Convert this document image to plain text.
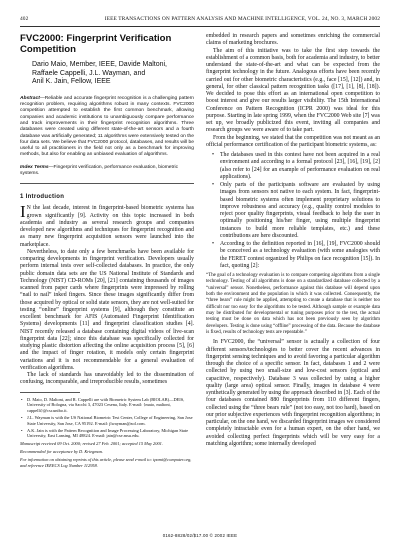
402	IEEE TRANSACTIONS ON PATTERN ANALYSIS AND MACHINE INTELLIGENCE, VOL. 24, NO. 3, MARCH 2002
FVC2000: Fingerprint Verification Competition
Dario Maio, Member, IEEE, Davide Maltoni,
Raffaele Cappelli, J.L. Wayman, and
Anil K. Jain, Fellow, IEEE

Abstract—Reliable and accurate fingerprint recognition is a challenging pattern recognition problem, requiring algorithms robust in many contexts. FVC2000 competition attempted to establish the first common benchmark, allowing companies and academic institutions to unambiguously compare performance and track improvements in their fingerprint recognition algorithms. Three databases were created using different state-of-the-art sensors and a fourth database was artificially generated; 11 algorithms were extensively tested on the four data sets. We believe that FVC2000 protocol, databases, and results will be useful to all practitioners in the field not only as a benchmark for improving methods, but also for enabling an unbiased evaluation of algorithms.

Index Terms—Fingerprint verification, performance evaluation, biometric systems.

1 Introduction

I N the last decade, interest in fingerprint-based biometric systems has grown significantly [9]. Activity on this topic increased in both academia and industry as several research groups and companies developed new algorithms and techniques for fingerprint recognition and as many new fingerprint acquisition sensors were launched into the marketplace.

Nevertheless, to date only a few benchmarks have been available for comparing developments in fingerprint verification. Developers usually perform internal tests over self-collected databases. In practice, the only public domain data sets are the US National Institute of Standards and Technology (NIST) CD-ROMs [20], [21] containing thousands of images scanned from paper cards where fingerprints were impressed by rolling “nail to nail” inked fingers. Since these images significantly differ from those acquired by optical or solid state sensors, they are not well-suited for testing “online” fingerprint systems [9], although they constitute an excellent benchmark for AFIS (Automated Fingerprint Identification Systems) developments [11] and fingerprint classification studies [4]. NIST recently released a database containing digital videos of live-scan fingerprint data [22]; since this database was specifically collected for studying plastic distortion affecting the online acquisition process [5], [6] and the impact of finger rotation, it models only certain fingerprint variations and it is not recommendable for a general evaluation of verification algorithms.

The lack of standards has unavoidably led to the dissemination of confusing, incomparable, and irreproducible results, sometimes

• D. Maio, D. Maltoni, and R. Cappelli are with Biometric System Lab (BIOLAB)—DEIS, University of Bologna, via Sacchi 3, 47023 Cesena, Italy. E-mail: {maio, maltoni, cappelli}@csr.unibo.it.
• J.L. Wayman is with the US National Biometric Test Center, College of Engineering, San Jose State University, San Jose, CA 95192. E-mail: jlwayman@aol.com.
• A.K. Jain is with the Pattern Recognition and Image Processing Laboratory, Michigan State University, East Lansing, MI 48824. E-mail: jain@cse.msu.edu.

Manuscript received 09 Oct. 2000; revised 27 Feb. 2001; accepted 15 May 2001.

Recommended for acceptance by D. Kriegman.

For information on obtaining reprints of this article, please send e-mail to: tpami@computer.org, and reference IEEECS Log Number 112958.

embedded in research papers and sometimes enriching the commercial claims of marketing brochures.

The aim of this initiative was to take the first step towards the establishment of a common basis, both for academia and industry, to better understand the state-of-the-art and what can be expected from the fingerprint technology in the future. Analogous efforts have been recently carried out for other biometric characteristics (e.g., face [15], [12]) and, in general, for other classical pattern recognition tasks ([17], [1], [8], [18]). We decided to pose this effort as an international open competition to boost interest and give our results larger visibility. The 15th International Conference on Pattern Recognition (ICPR 2000) was ideal for this purpose. Starting in late spring 1999, when the FVC2000 Web site [7] was set up, we broadly publicized this event, inviting all companies and research groups we were aware of to take part.

From the beginning, we stated that the competition was not meant as an official performance certification of the participant biometric systems, as:

• The databases used in this contest have not been acquired in a real environment and according to a formal protocol [23], [16], [19], [2] (also refer to [24] for an example of performance evaluation on real applications).
• Only parts of the participants software are evaluated by using images from sensors not native to each system. In fact, fingerprint-based biometric systems often implement proprietary solutions to improve robustness and accuracy (e.g., quality control modules to reject poor quality fingerprints, visual feedback to help the user in optimally positioning his/her finger, using multiple fingerprint instances to build more reliable templates, etc.) and these contributions are here discounted.
• According to the definition reported in [16], [19], FVC2000 should be conceived as a technology evaluation (with some analogies with the FERET contest organized by Philips on face recognition [15]). In fact, quoting [2]:

“The goal of a technology evaluation is to compare competing algorithms from a single technology. Testing of all algorithms is done on a standardized database collected by a “universal” sensor. Nonetheless, performance against this database will depend upon both the environment and the population in which it was collected. Consequently, the “three bears” rule might be applied, attempting to create a database that is neither too difficult nor too easy for the algorithms to be tested. Although sample or example data may be distributed for developmental or tuning purposes prior to the test, the actual testing must be done on data which has not been previously seen by algorithm developers. Testing is done using “offline” processing of the data. Because the database is fixed, results of technology tests are repeatable.”

In FVC2000, the “universal” sensor is actually a collection of four different sensors/technologies to better cover the recent advances in fingerprint sensing techniques and to avoid favoring a particular algorithm through the choice of a specific sensor. In fact, databases 1 and 2 were collected by using two small-size and low-cost sensors (optical and capacitive, respectively). Database 3 was collected by using a higher quality (large area) optical sensor. Finally, images in database 4 were synthetically generated by using the approach described in [3]. Each of the four databases contained 880 fingerprints from 110 different fingers, collected using the “three bears rule” (not too easy, not too hard), based on our prior subjective experiences with fingerprint recognition algorithms; in particular, on the one hand, we discarded fingerprint images we considered completely intractable even for a human expert, on the other hand, we avoided collecting perfect fingerprints which will be very easy for a matching algorithm; some internally developed

0162-8828/02/$17.00 © 2002 IEEE
